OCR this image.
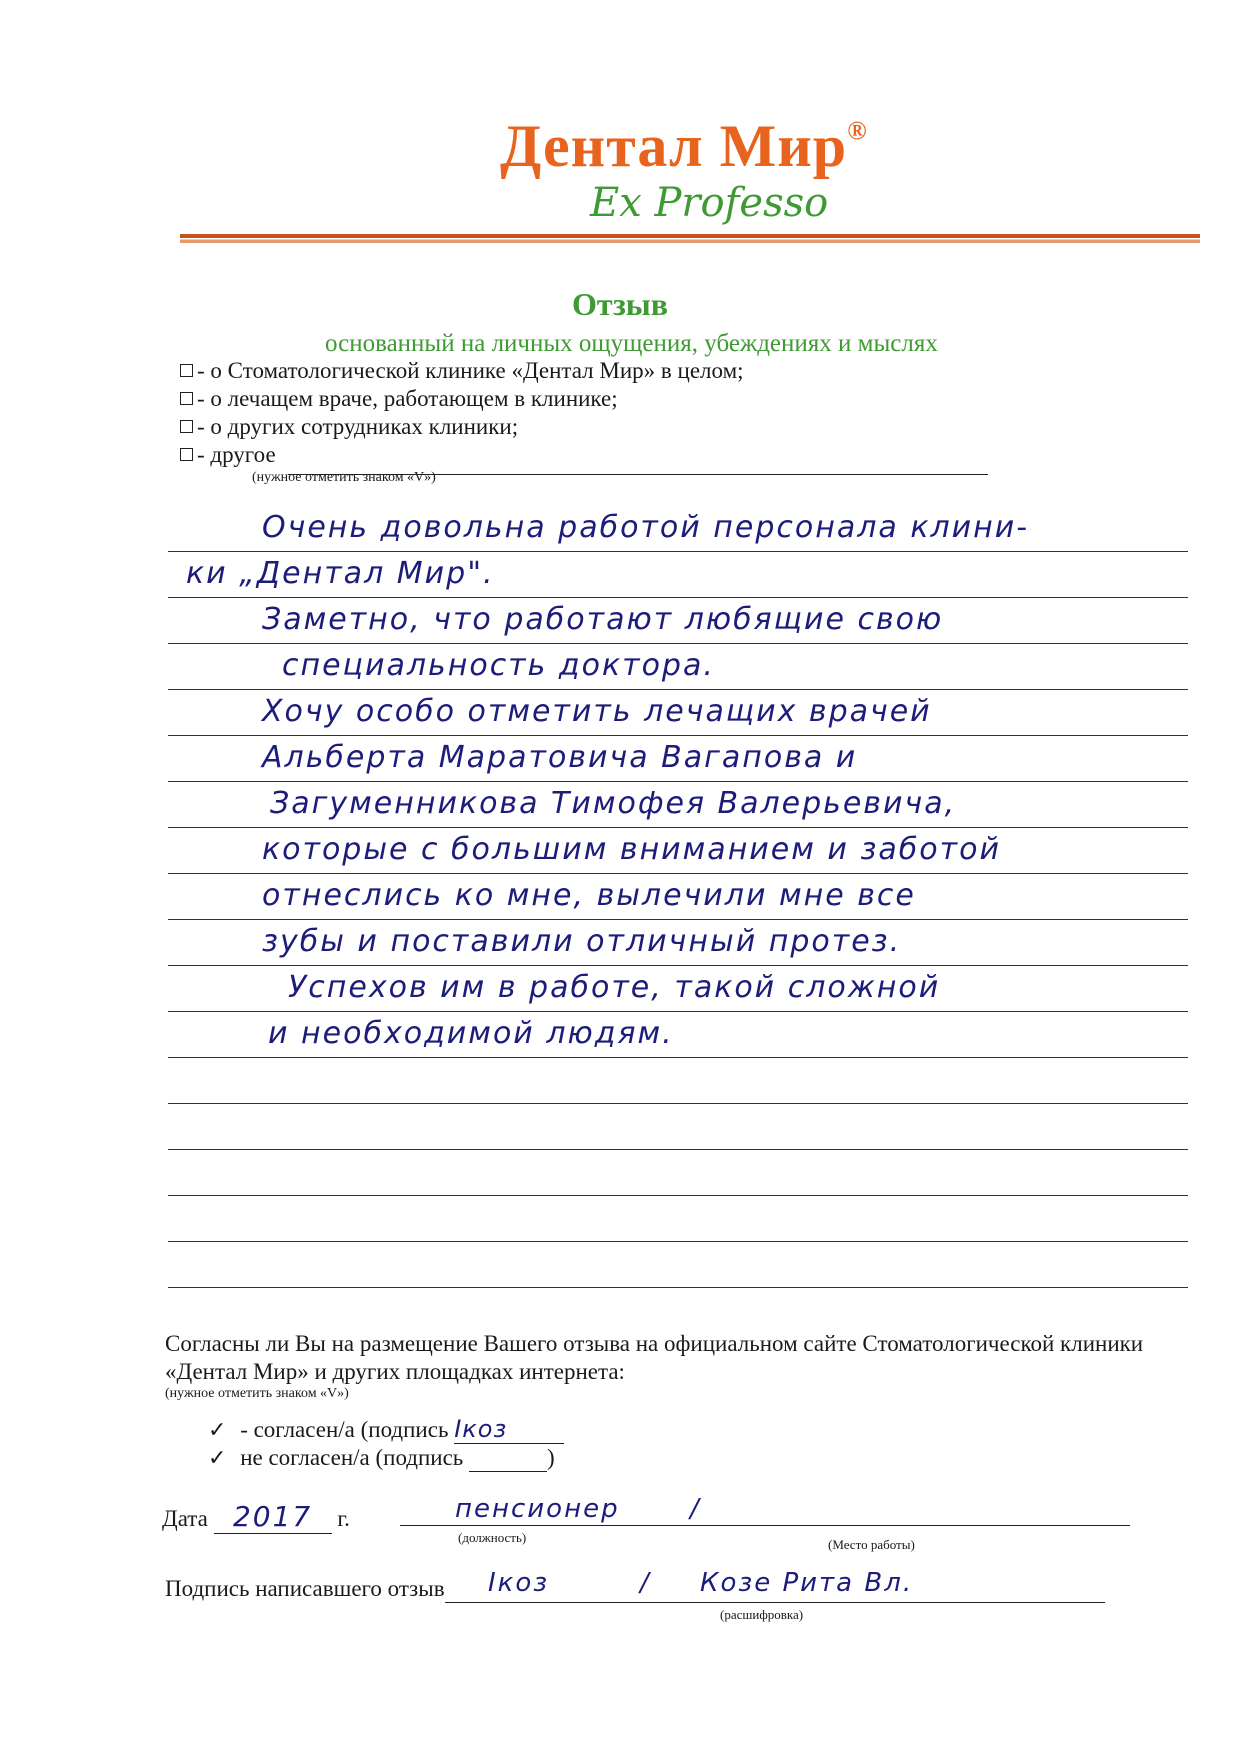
Дентал Мир®
Ex Professo
Отзыв
основанный на личных ощущения, убеждениях и мыслях
- о Стоматологической клинике «Дентал Мир» в целом;
- о лечащем враче, работающем в клинике;
- о других сотрудниках клиники;
- другое
(нужное отметить знаком «V»)
Очень довольна работой персонала клини-
ки „Дентал Мир".
Заметно, что работают любящие свою
специальность доктора.
Хочу особо отметить лечащих врачей
Альберта Маратовича Вагапова и
Загуменникова Тимофея Валерьевича,
которые с большим вниманием и заботой
отнеслись ко мне, вылечили мне все
зубы и поставили отличный протез.
Успехов им в работе, такой сложной
и необходимой людям.
Согласны ли Вы на размещение Вашего отзыва на официальном сайте Стоматологической клиники «Дентал Мир» и других площадках интернета:
(нужное отметить знаком «V»)
✓ - согласен/а (подпись Ӏкоз
✓ не согласен/а (подпись	)
Дата 2017 г.	пенсионер	/
(должность)	(Место работы)
Подпись написавшего отзыв Ӏкоз	/ Козе Рита Вл.
(расшифровка)
